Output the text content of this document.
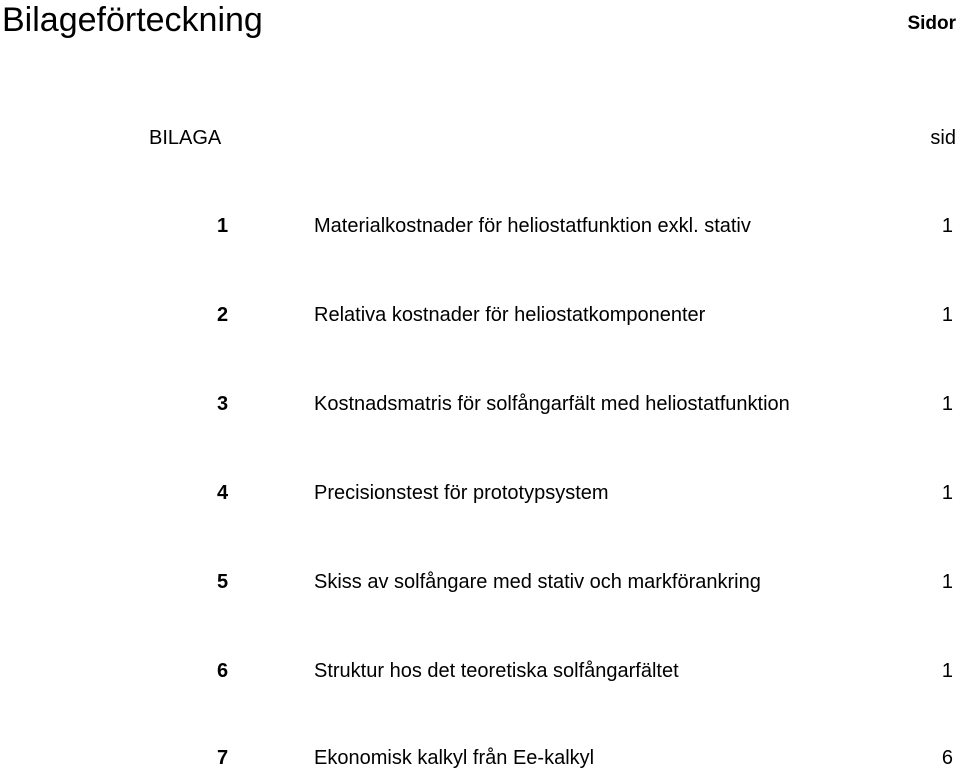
Bilageförteckning	Sidor
BILAGA	sid
1	Materialkostnader för heliostatfunktion exkl. stativ	1
2	Relativa kostnader för heliostatkomponenter	1
3	Kostnadsmatris för solfångarfält med heliostatfunktion	1
4	Precisionstest för prototypsystem	1
5	Skiss av solfångare med stativ och markförankring	1
6	Struktur hos det teoretiska solfångarfältet	1
7	Ekonomisk kalkyl från Ee-kalkyl	6
